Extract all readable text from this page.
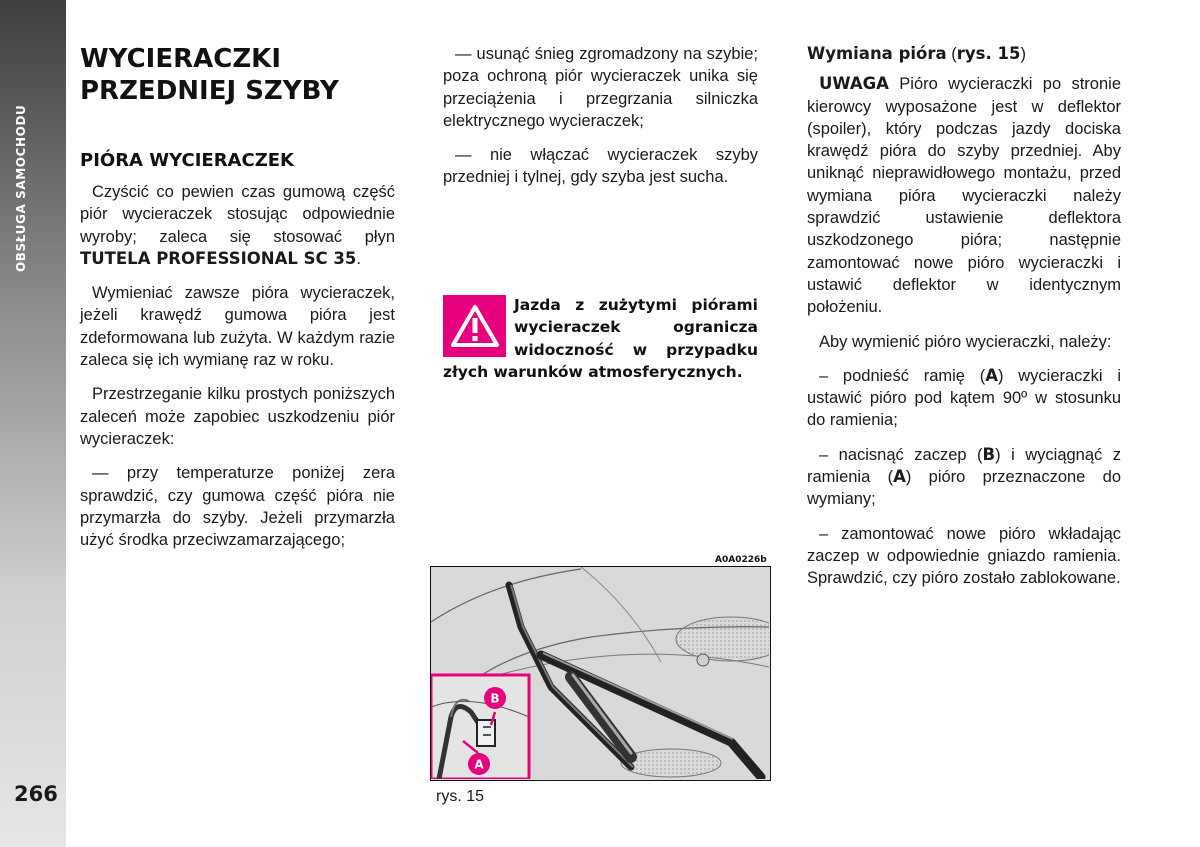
OBSŁUGA SAMOCHODU
266
WYCIERACZKI
PRZEDNIEJ SZYBY
PIÓRA WYCIERACZEK

Czyścić co pewien czas gumową część piór wycieraczek stosując odpowiednie wyroby; zaleca się stosować płyn TUTELA PROFESSIONAL SC 35.

Wymieniać zawsze pióra wycieraczek, jeżeli krawędź gumowa pióra jest zdeformowana lub zużyta. W każdym razie zaleca się ich wymianę raz w roku.

Przestrzeganie kilku prostych poniższych zaleceń może zapobiec uszkodzeniu piór wycieraczek:

— przy temperaturze poniżej zera sprawdzić, czy gumowa część pióra nie przymarzła do szyby. Jeżeli przymarzła użyć środka przeciwzamarzającego;

— usunąć śnieg zgromadzony na szybie; poza ochroną piór wycieraczek unika się przeciążenia i przegrzania silniczka elektrycznego wycieraczek;

— nie włączać wycieraczek szyby przedniej i tylnej, gdy szyba jest sucha.

Jazda z zużytymi piórami wycieraczek ogranicza widoczność w przypadku złych warunków atmosferycznych.
A0A0226b
B
A
rys. 15

Wymiana pióra (rys. 15)

UWAGA Pióro wycieraczki po stronie kierowcy wyposażone jest w deflektor (spoiler), który podczas jazdy dociska krawędź pióra do szyby przedniej. Aby uniknąć nieprawidłowego montażu, przed wymiana pióra wycieraczki należy sprawdzić ustawienie deflektora uszkodzonego pióra; następnie zamontować nowe pióro wycieraczki i ustawić deflektor w identycznym położeniu.

Aby wymienić pióro wycieraczki, należy:

– podnieść ramię (A) wycieraczki i ustawić pióro pod kątem 90º w stosunku do ramienia;

– nacisnąć zaczep (B) i wyciągnąć z ramienia (A) pióro przeznaczone do wymiany;

– zamontować nowe pióro wkładając zaczep w odpowiednie gniazdo ramienia. Sprawdzić, czy pióro zostało zablokowane.
